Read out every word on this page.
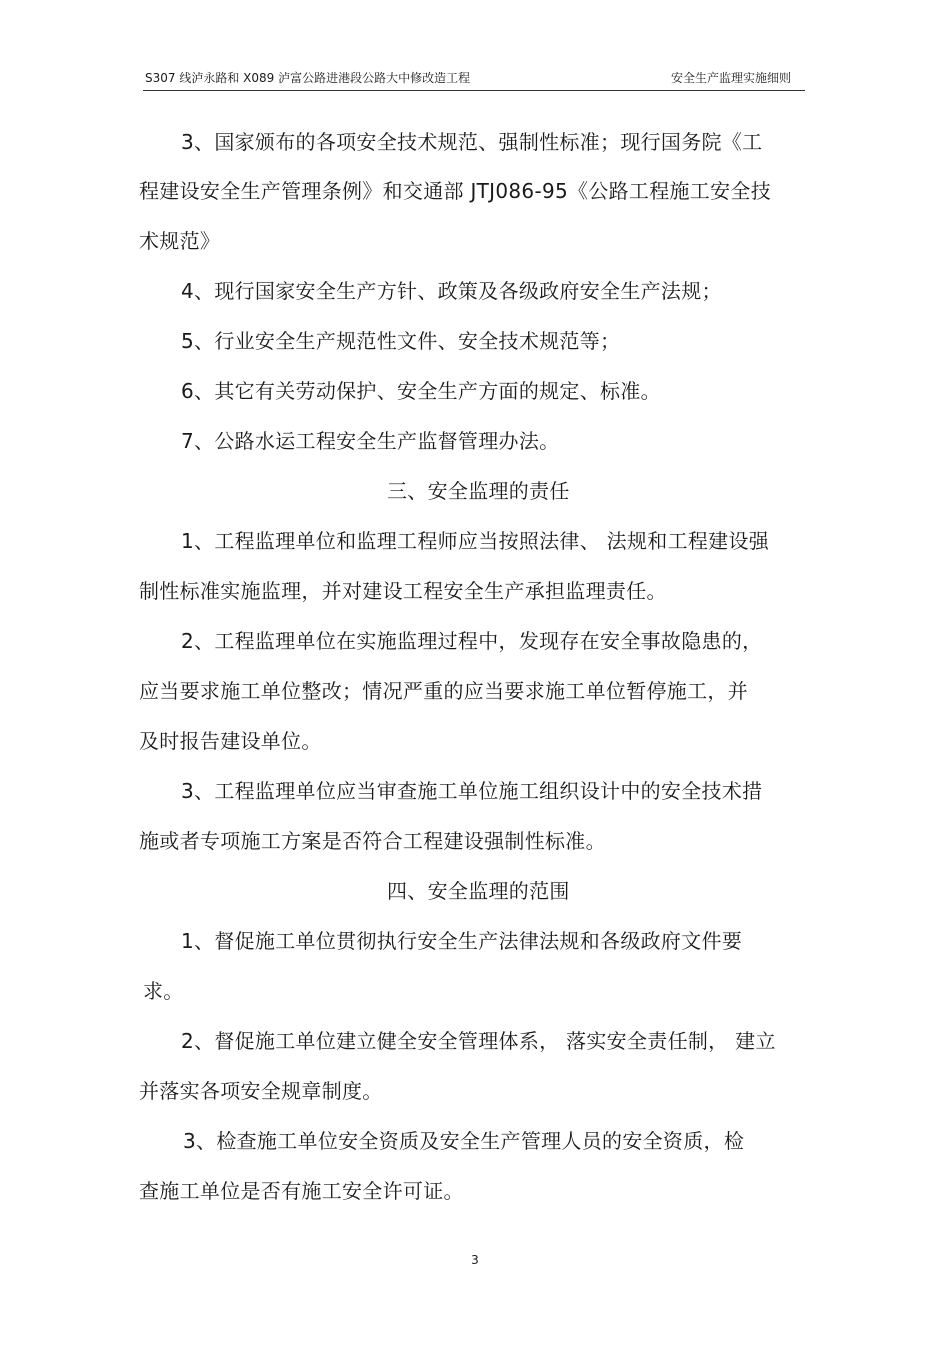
S307 线泸永路和 X089 泸富公路进港段公路大中修改造工程	安全生产监理实施细则
3、国家颁布的各项安全技术规范、强制性标准；现行国务院《工
程建设安全生产管理条例》和交通部 JTJ086-95《公路工程施工安全技
术规范》
4、现行国家安全生产方针、政策及各级政府安全生产法规；
5、行业安全生产规范性文件、安全技术规范等；
6、其它有关劳动保护、安全生产方面的规定、标准。
7、公路水运工程安全生产监督管理办法。
三、安全监理的责任
1、工程监理单位和监理工程师应当按照法律、 法规和工程建设强
制性标准实施监理，并对建设工程安全生产承担监理责任。
2、工程监理单位在实施监理过程中，发现存在安全事故隐患的，
应当要求施工单位整改；情况严重的应当要求施工单位暂停施工，并
及时报告建设单位。
3、工程监理单位应当审查施工单位施工组织设计中的安全技术措
施或者专项施工方案是否符合工程建设强制性标准。
四、安全监理的范围
1、督促施工单位贯彻执行安全生产法律法规和各级政府文件要
求。
2、督促施工单位建立健全安全管理体系， 落实安全责任制， 建立
并落实各项安全规章制度。
3、检查施工单位安全资质及安全生产管理人员的安全资质，检
查施工单位是否有施工安全许可证。
3
